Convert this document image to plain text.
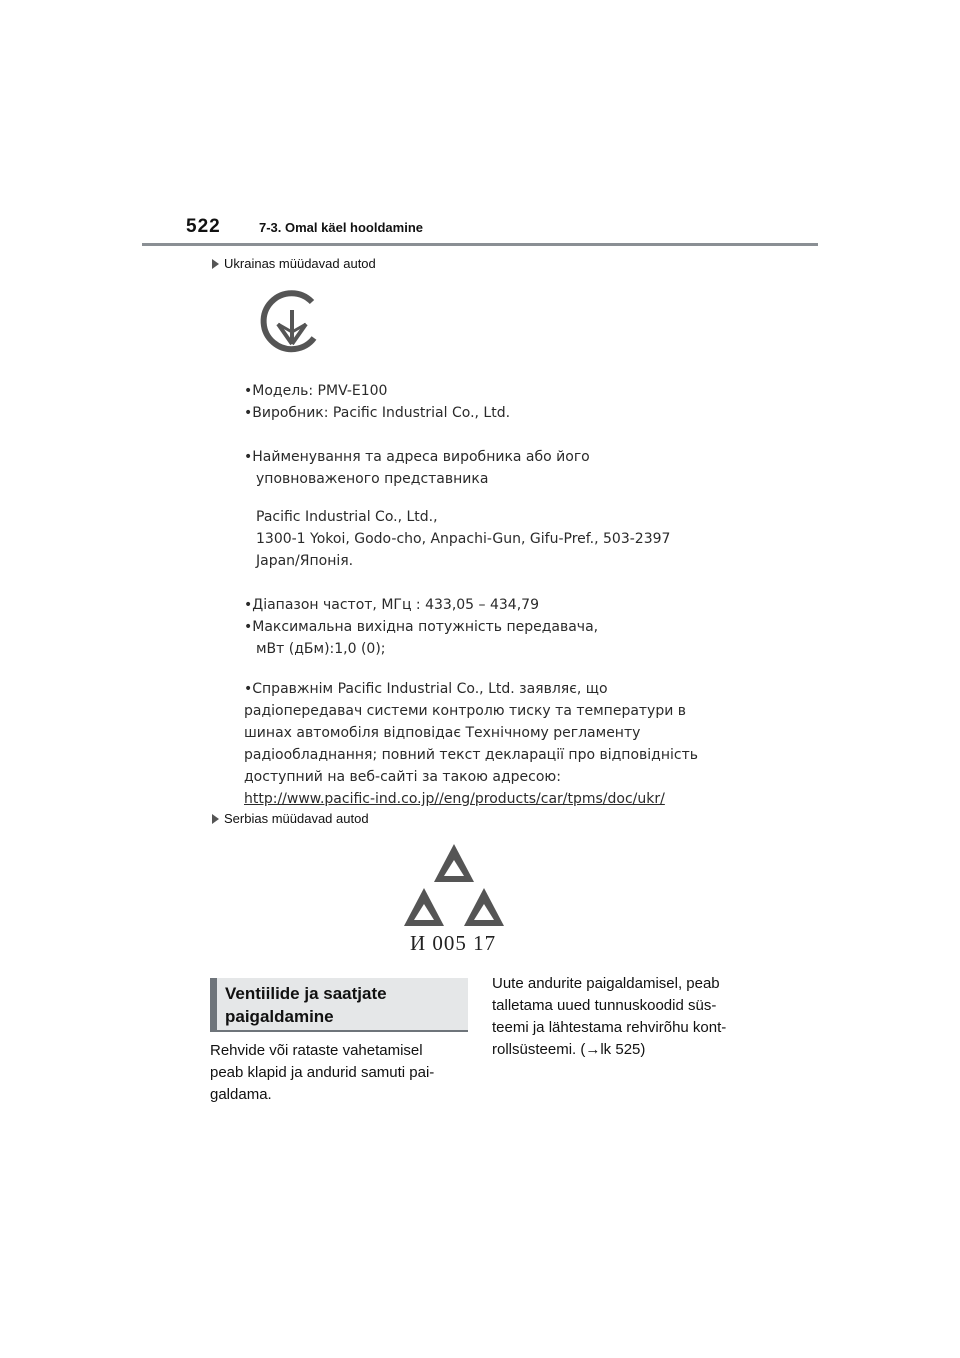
522	7-3. Omal käel hooldamine
Ukrainas müüdavad autod

•Модель: PMV-E100

•Виробник: Pacific Industrial Co., Ltd.

•Найменування та адреса виробника або його

уповноваженого представника

Pacific Industrial Co., Ltd.,

1300-1 Yokoi, Godo-cho, Anpachi-Gun, Gifu-Pref., 503-2397

Japan/Японія.

•Діапазон частот, МГц : 433,05 – 434,79

•Максимальна вихідна потужність передавача,

мВт (дБм):1,0 (0);

•Справжнім Pacific Industrial Co., Ltd. заявляє, що

радіопередавач системи контролю тиску та температури в

шинах автомобіля відповідає Технічному регламенту

радіообладнання; повний текст декларації про відповідність

доступний на веб-сайті за такою адресою:

http://www.pacific-ind.co.jp//eng/products/car/tpms/doc/ukr/

Serbias müüdavad autod
И 005 17
Ventiilide ja saatjate
paigaldamine
Rehvide või rataste vahetamisel
peab klapid ja andurid samuti pai-
galdama.
Uute andurite paigaldamisel, peab
talletama uued tunnuskoodid süs-
teemi ja lähtestama rehvirõhu kont-
rollsüsteemi. (→lk 525)
